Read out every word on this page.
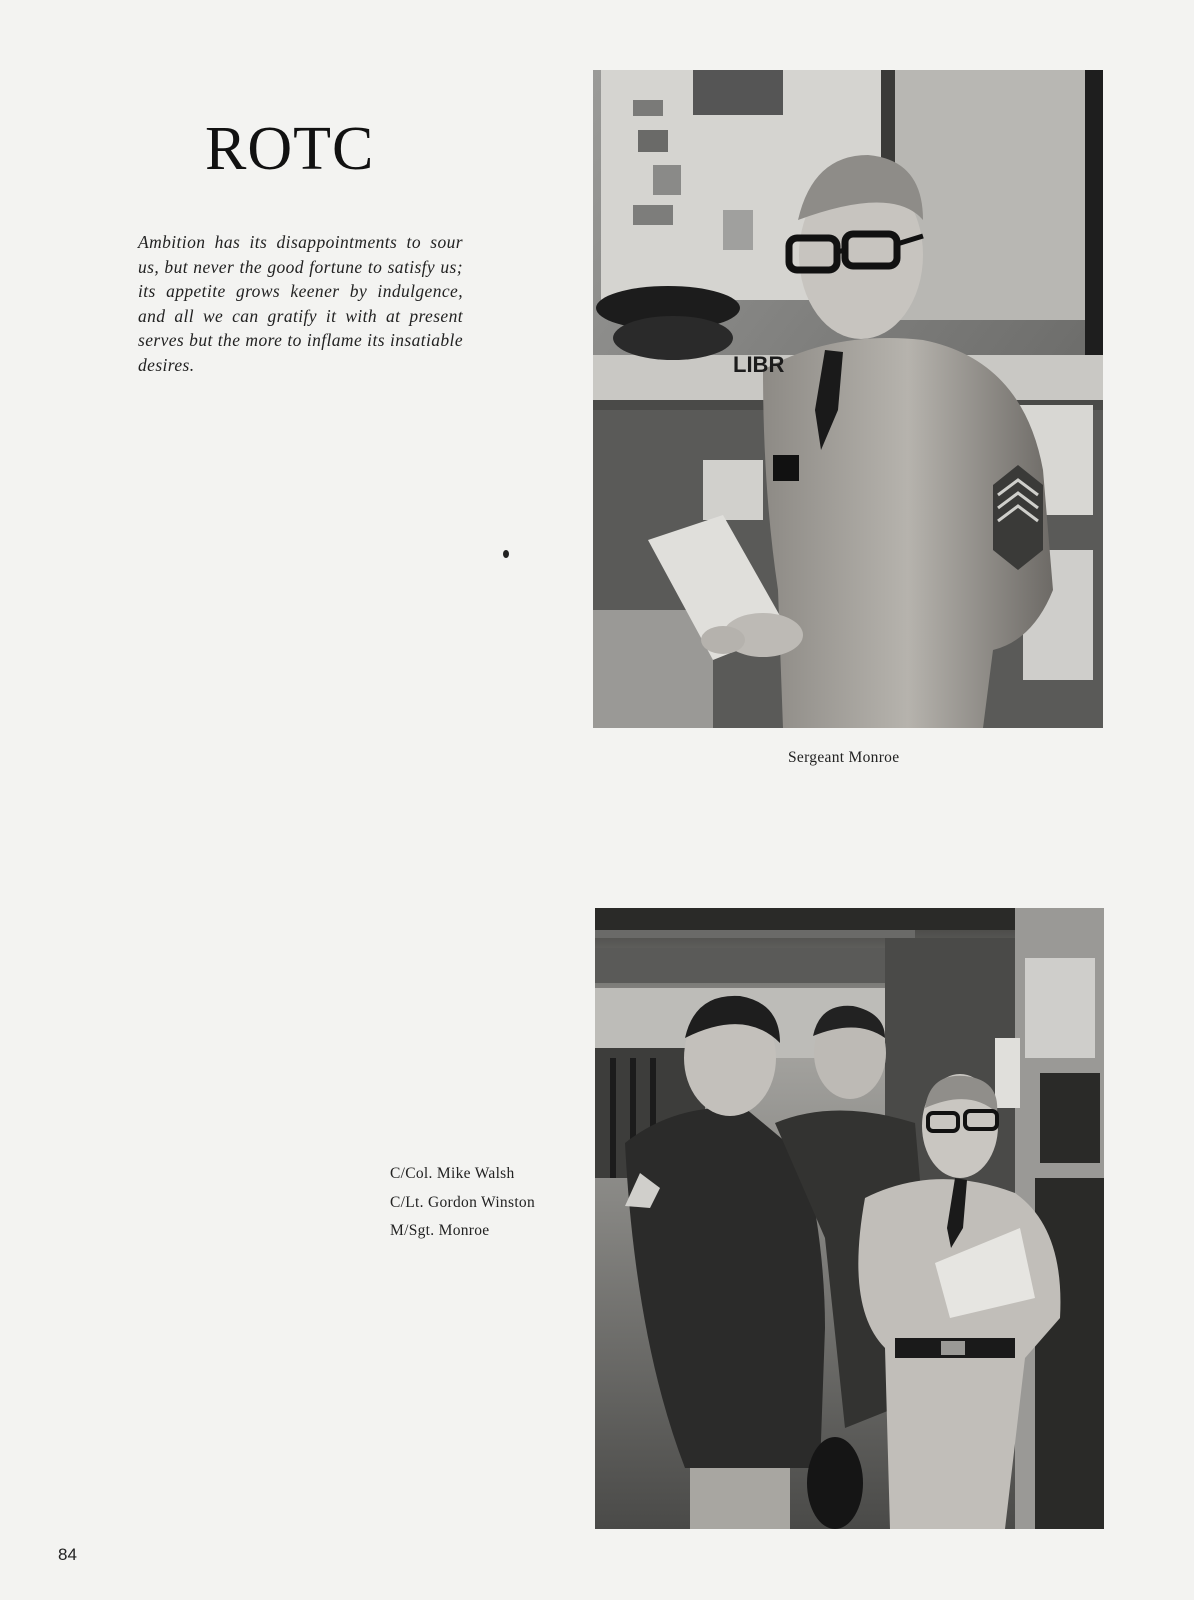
ROTC

Ambition has its disappointments to sour us, but never the good fortune to satisfy us; its appetite grows keener by indulgence, and all we can gratify it with at present serves but the more to inflame its insatiable desires.	LIBR
Sergeant Monroe
C/Col. Mike Walsh
C/Lt. Gordon Winston
M/Sgt. Monroe
84
